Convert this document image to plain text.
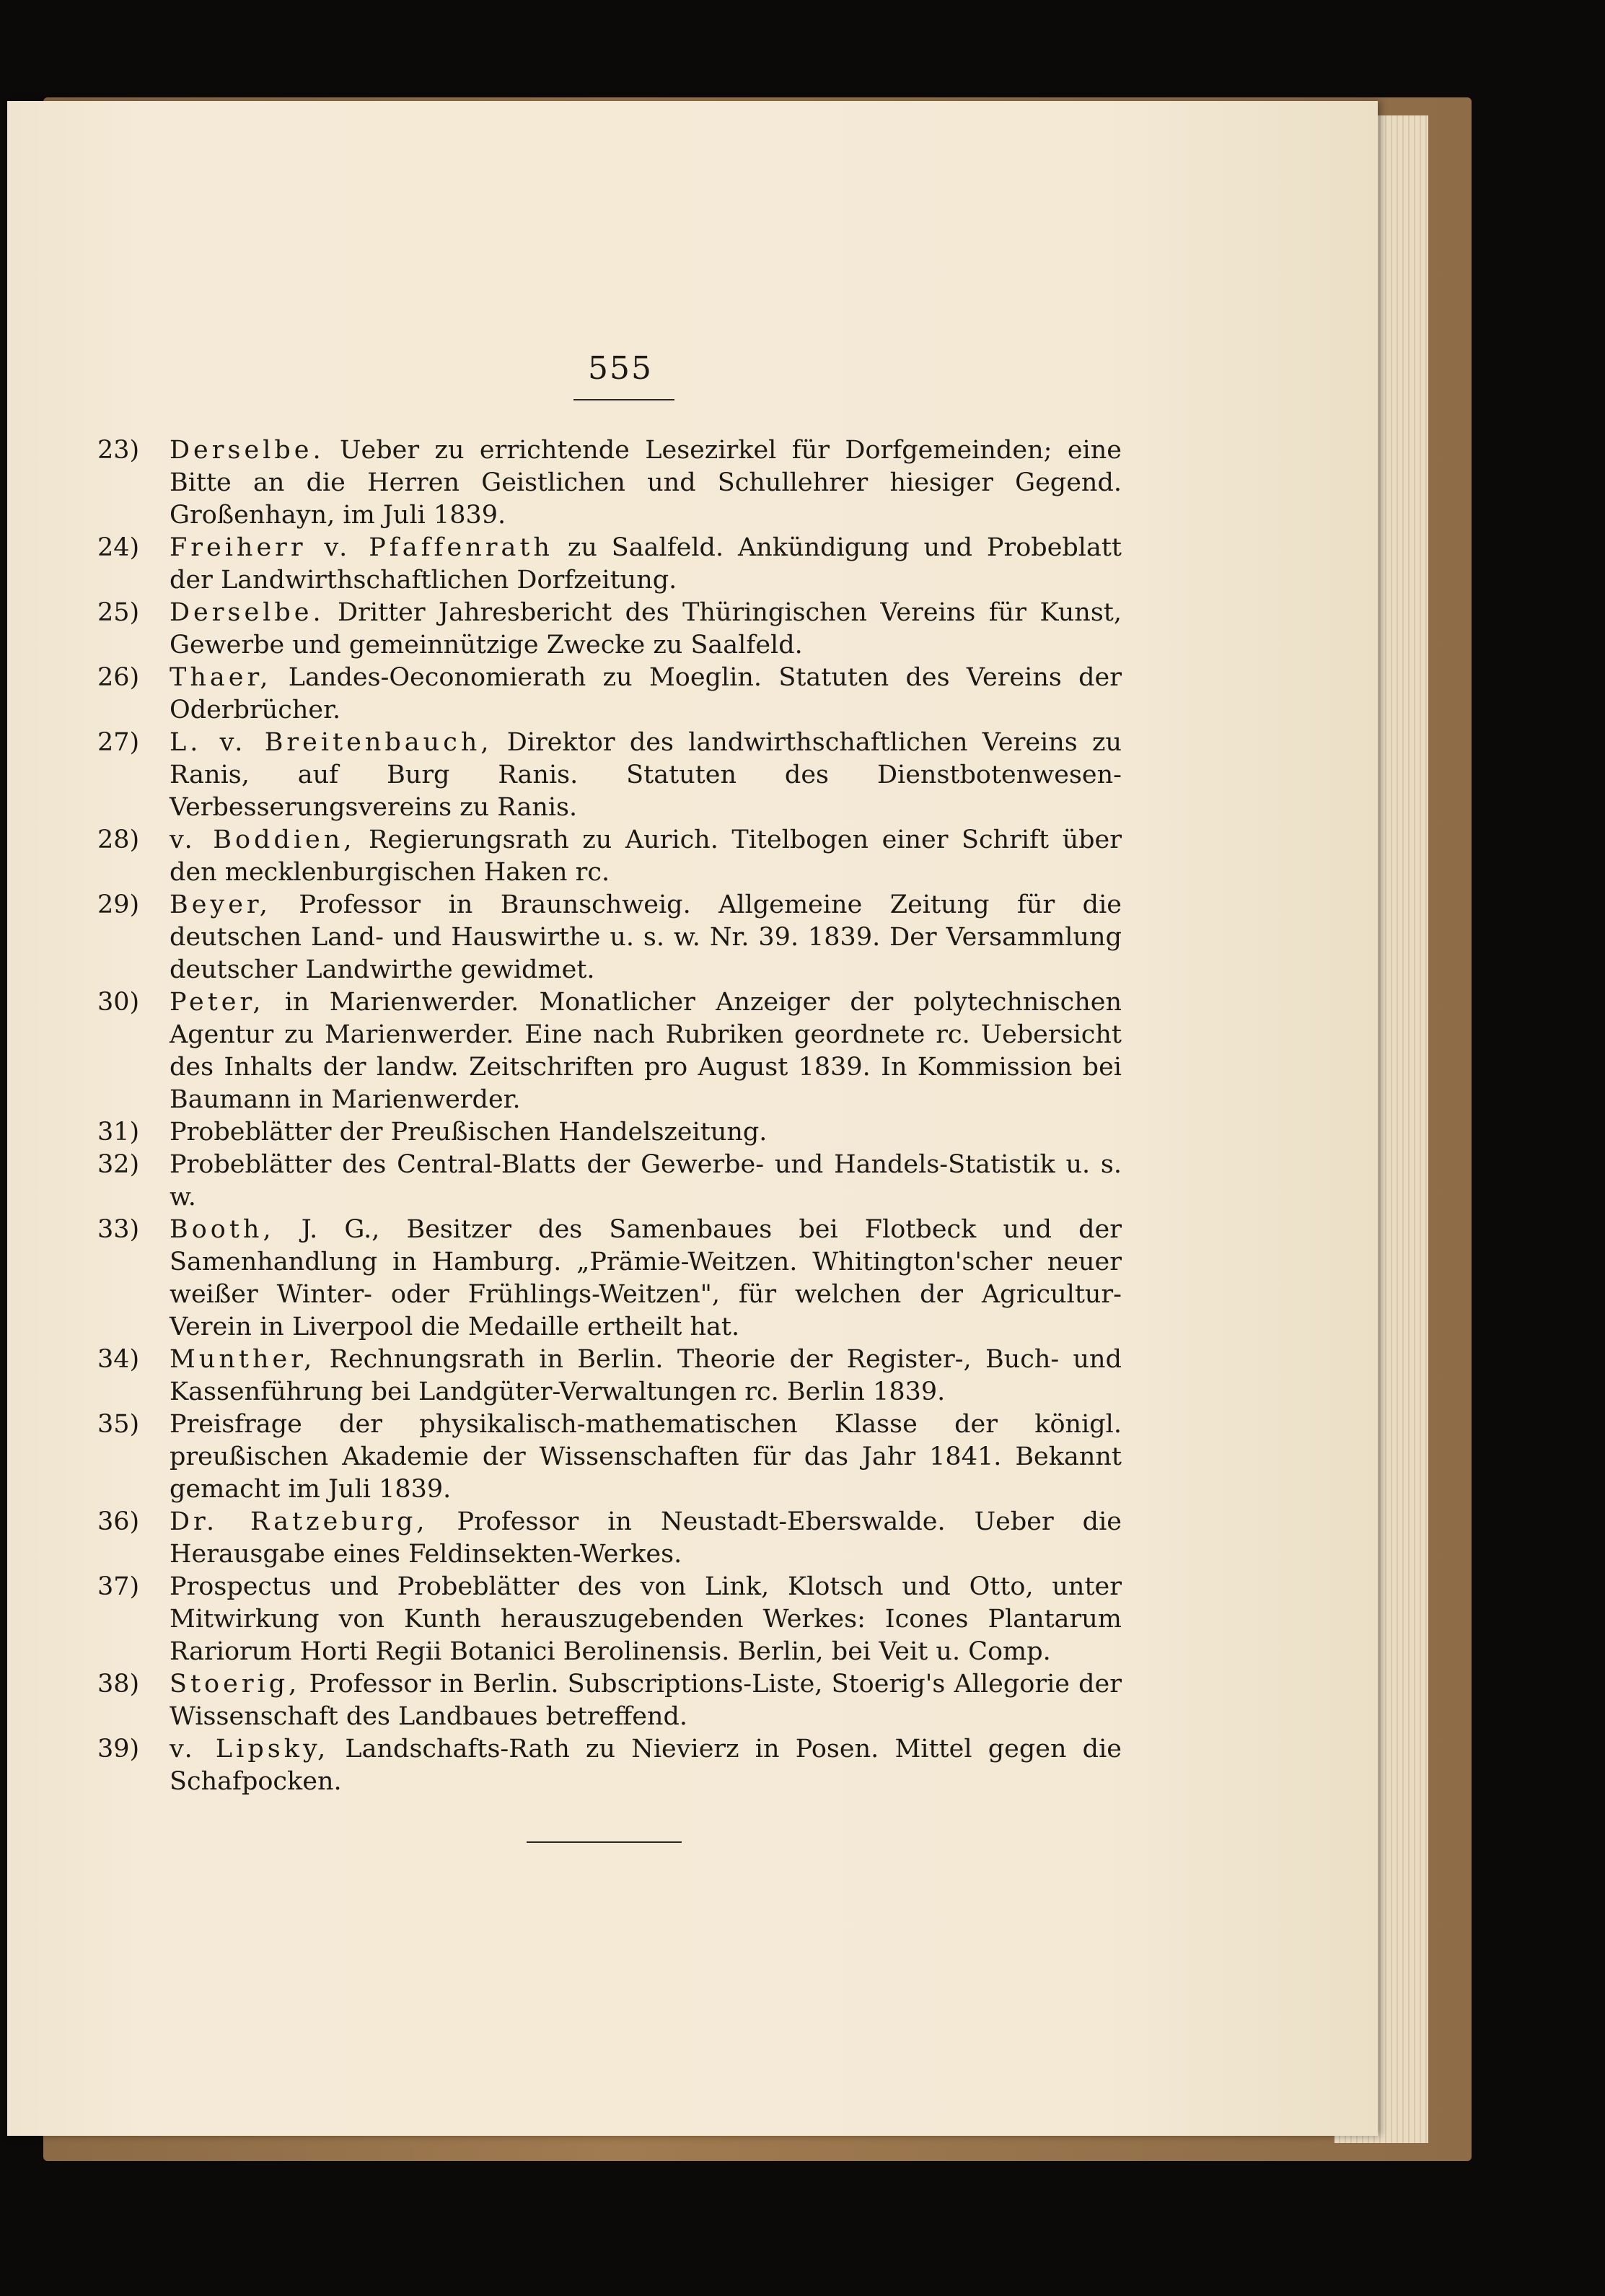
555
23)	Derselbe. Ueber zu errichtende Lesezirkel für Dorfgemeinden; eine Bitte an die Herren Geistlichen und Schullehrer hiesiger Gegend. Großenhayn, im Juli 1839.
24)	Freiherr v. Pfaffenrath zu Saalfeld. Ankündigung und Probeblatt der Landwirthschaftlichen Dorfzeitung.
25)	Derselbe. Dritter Jahresbericht des Thüringischen Vereins für Kunst, Gewerbe und gemeinnützige Zwecke zu Saalfeld.
26)	Thaer, Landes-Oeconomierath zu Moeglin. Statuten des Vereins der Oderbrücher.
27)	L. v. Breitenbauch, Direktor des landwirthschaftlichen Vereins zu Ranis, auf Burg Ranis. Statuten des Dienstbotenwesen-Verbesserungsvereins zu Ranis.
28)	v. Boddien, Regierungsrath zu Aurich. Titelbogen einer Schrift über den mecklenburgischen Haken rc.
29)	Beyer, Professor in Braunschweig. Allgemeine Zeitung für die deutschen Land- und Hauswirthe u. s. w. Nr. 39. 1839. Der Versammlung deutscher Landwirthe gewidmet.
30)	Peter, in Marienwerder. Monatlicher Anzeiger der polytechnischen Agentur zu Marienwerder. Eine nach Rubriken geordnete rc. Uebersicht des Inhalts der landw. Zeitschriften pro August 1839. In Kommission bei Baumann in Marienwerder.
31)	Probeblätter der Preußischen Handelszeitung.
32)	Probeblätter des Central-Blatts der Gewerbe- und Handels-Statistik u. s. w.
33)	Booth, J. G., Besitzer des Samenbaues bei Flotbeck und der Samenhandlung in Hamburg. „Prämie-Weitzen. Whitington'scher neuer weißer Winter- oder Frühlings-Weitzen", für welchen der Agricultur-Verein in Liverpool die Medaille ertheilt hat.
34)	Munther, Rechnungsrath in Berlin. Theorie der Register-, Buch- und Kassenführung bei Landgüter-Verwaltungen rc. Berlin 1839.
35)	Preisfrage der physikalisch-mathematischen Klasse der königl. preußischen Akademie der Wissenschaften für das Jahr 1841. Bekannt gemacht im Juli 1839.
36)	Dr. Ratzeburg, Professor in Neustadt-Eberswalde. Ueber die Herausgabe eines Feldinsekten-Werkes.
37)	Prospectus und Probeblätter des von Link, Klotsch und Otto, unter Mitwirkung von Kunth herauszugebenden Werkes: Icones Plantarum Rariorum Horti Regii Botanici Berolinensis. Berlin, bei Veit u. Comp.
38)	Stoerig, Professor in Berlin. Subscriptions-Liste, Stoerig's Allegorie der Wissenschaft des Landbaues betreffend.
39)	v. Lipsky, Landschafts-Rath zu Nievierz in Posen. Mittel gegen die Schafpocken.
